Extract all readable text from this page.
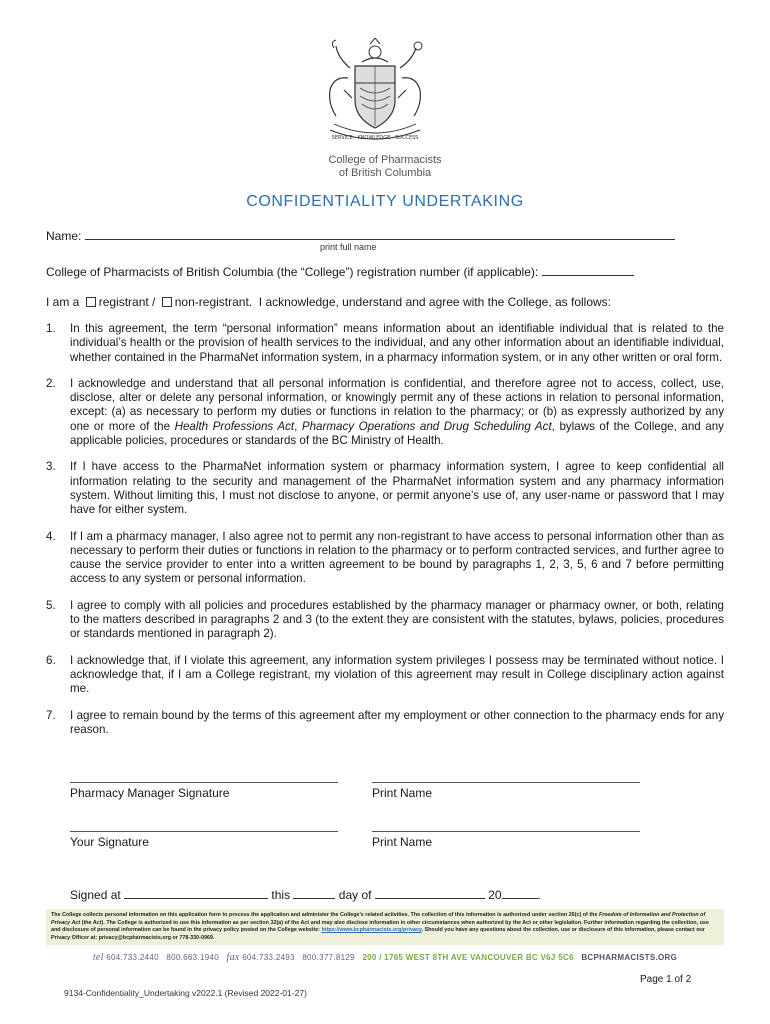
SERVICE · KNOWLEDGE · SUCCESS
College of Pharmacists
of British Columbia
CONFIDENTIALITY UNDERTAKING
Name:
print full name
College of Pharmacists of British Columbia (the “College”) registration number (if applicable):
I am a registrant / non-registrant. I acknowledge, understand and agree with the College, as follows:
1. In this agreement, the term “personal information” means information about an identifiable individual that is related to the individual’s health or the provision of health services to the individual, and any other information about an identifiable individual, whether contained in the PharmaNet information system, in a pharmacy information system, or in any other written or oral form.
2. I acknowledge and understand that all personal information is confidential, and therefore agree not to access, collect, use, disclose, alter or delete any personal information, or knowingly permit any of these actions in relation to personal information, except: (a) as necessary to perform my duties or functions in relation to the pharmacy; or (b) as expressly authorized by any one or more of the Health Professions Act, Pharmacy Operations and Drug Scheduling Act, bylaws of the College, and any applicable policies, procedures or standards of the BC Ministry of Health.
3. If I have access to the PharmaNet information system or pharmacy information system, I agree to keep confidential all information relating to the security and management of the PharmaNet information system and any pharmacy information system. Without limiting this, I must not disclose to anyone, or permit anyone’s use of, any user-name or password that I may have for either system.
4. If I am a pharmacy manager, I also agree not to permit any non-registrant to have access to personal information other than as necessary to perform their duties or functions in relation to the pharmacy or to perform contracted services, and further agree to cause the service provider to enter into a written agreement to be bound by paragraphs 1, 2, 3, 5, 6 and 7 before permitting access to any system or personal information.
5. I agree to comply with all policies and procedures established by the pharmacy manager or pharmacy owner, or both, relating to the matters described in paragraphs 2 and 3 (to the extent they are consistent with the statutes, bylaws, policies, procedures or standards mentioned in paragraph 2).
6. I acknowledge that, if I violate this agreement, any information system privileges I possess may be terminated without notice. I acknowledge that, if I am a College registrant, my violation of this agreement may result in College disciplinary action against me.
7. I agree to remain bound by the terms of this agreement after my employment or other connection to the pharmacy ends for any reason.
Pharmacy Manager Signature	Print Name
Your Signature	Print Name
Signed at	this	day of	20	.
The College collects personal information on this application form to process the application and administer the College’s related activities. The collection of this information is authorized under section 26(c) of the Freedom of Information and Protection of Privacy Act (the Act). The College is authorized to use this information as per section 32(a) of the Act and may also disclose information in other circumstances when authorized by the Act or other legislation. Further information regarding the collection, use and disclosure of personal information can be found in the privacy policy posted on the College website: https://www.bcpharmacists.org/privacy. Should you have any questions about the collection, use or disclosure of this information, please contact our Privacy Officer at: privacy@bcpharmacists.org or 778-330-0969.
tel 604.733.2440 800.663.1940 fax 604.733.2493 800.377.8129 200 / 1765 WEST 8TH AVE VANCOUVER BC V6J 5C6 BCPHARMACISTS.ORG
Page 1 of 2
9134-Confidentiality_Undertaking v2022.1 (Revised 2022-01-27)
